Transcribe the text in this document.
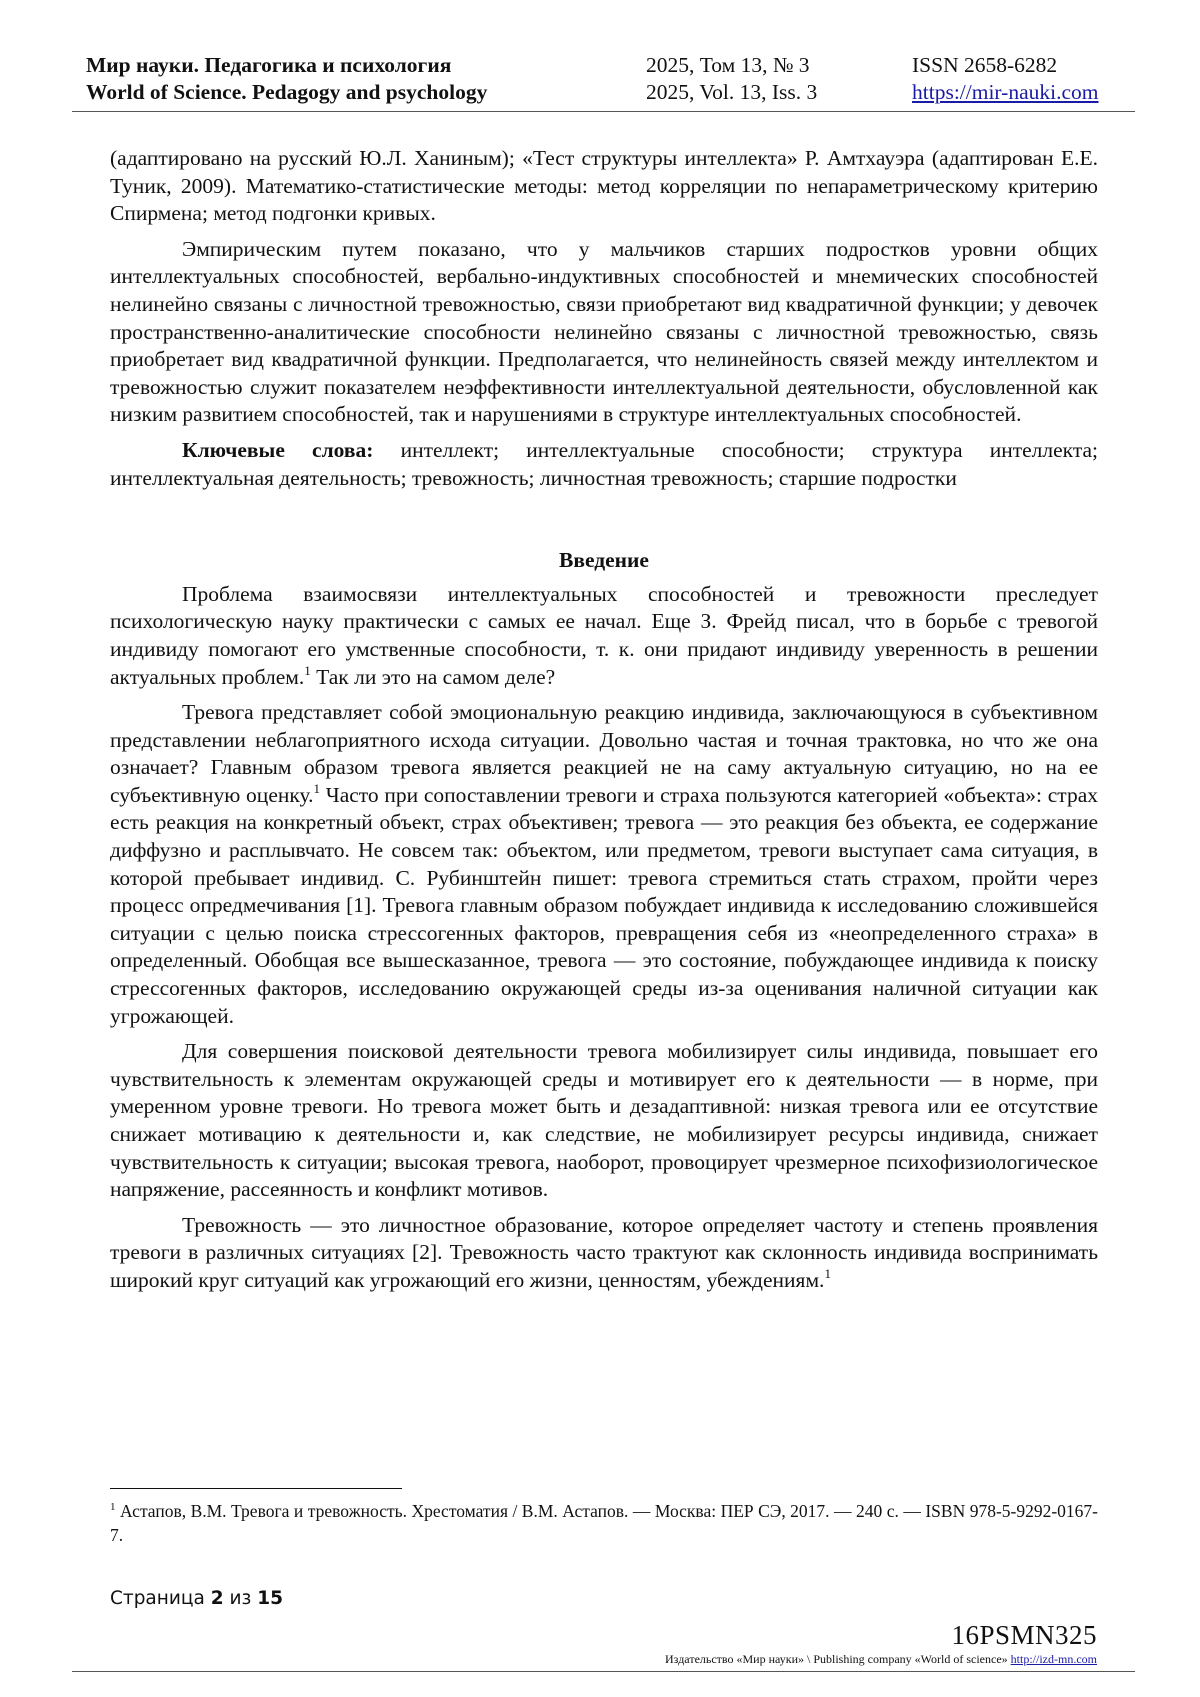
Мир науки. Педагогика и психология
World of Science. Pedagogy and psychology
2025, Том 13, № 3
2025, Vol. 13, Iss. 3
ISSN 2658-6282
https://mir-nauki.com

(адаптировано на русский Ю.Л. Ханиным); «Тест структуры интеллекта» Р. Амтхауэра (адаптирован Е.Е. Туник, 2009). Математико-статистические методы: метод корреляции по непараметрическому критерию Спирмена; метод подгонки кривых.

Эмпирическим путем показано, что у мальчиков старших подростков уровни общих интеллектуальных способностей, вербально-индуктивных способностей и мнемических способностей нелинейно связаны с личностной тревожностью, связи приобретают вид квадратичной функции; у девочек пространственно-аналитические способности нелинейно связаны с личностной тревожностью, связь приобретает вид квадратичной функции. Предполагается, что нелинейность связей между интеллектом и тревожностью служит показателем неэффективности интеллектуальной деятельности, обусловленной как низким развитием способностей, так и нарушениями в структуре интеллектуальных способностей.

Ключевые слова: интеллект; интеллектуальные способности; структура интеллекта; интеллектуальная деятельность; тревожность; личностная тревожность; старшие подростки

Введение

Проблема взаимосвязи интеллектуальных способностей и тревожности преследует психологическую науку практически с самых ее начал. Еще З. Фрейд писал, что в борьбе с тревогой индивиду помогают его умственные способности, т. к. они придают индивиду уверенность в решении актуальных проблем.$^1$ Так ли это на самом деле?

Тревога представляет собой эмоциональную реакцию индивида, заключающуюся в субъективном представлении неблагоприятного исхода ситуации. Довольно частая и точная трактовка, но что же она означает? Главным образом тревога является реакцией не на саму актуальную ситуацию, но на ее субъективную оценку.$^1$ Часто при сопоставлении тревоги и страха пользуются категорией «объекта»: страх есть реакция на конкретный объект, страх объективен; тревога — это реакция без объекта, ее содержание диффузно и расплывчато. Не совсем так: объектом, или предметом, тревоги выступает сама ситуация, в которой пребывает индивид. С. Рубинштейн пишет: тревога стремиться стать страхом, пройти через процесс опредмечивания [1]. Тревога главным образом побуждает индивида к исследованию сложившейся ситуации с целью поиска стрессогенных факторов, превращения себя из «неопределенного страха» в определенный. Обобщая все вышесказанное, тревога — это состояние, побуждающее индивида к поиску стрессогенных факторов, исследованию окружающей среды из-за оценивания наличной ситуации как угрожающей.

Для совершения поисковой деятельности тревога мобилизирует силы индивида, повышает его чувствительность к элементам окружающей среды и мотивирует его к деятельности — в норме, при умеренном уровне тревоги. Но тревога может быть и дезадаптивной: низкая тревога или ее отсутствие снижает мотивацию к деятельности и, как следствие, не мобилизирует ресурсы индивида, снижает чувствительность к ситуации; высокая тревога, наоборот, провоцирует чрезмерное психофизиологическое напряжение, рассеянность и конфликт мотивов.

Тревожность — это личностное образование, которое определяет частоту и степень проявления тревоги в различных ситуациях [2]. Тревожность часто трактуют как склонность индивида воспринимать широкий круг ситуаций как угрожающий его жизни, ценностям, убеждениям.$^1$

$^1$ Астапов, В.М. Тревога и тревожность. Хрестоматия / В.М. Астапов. — Москва: ПЕР СЭ, 2017. — 240 с. — ISBN 978-5-9292-0167-7.
Страница 2 из 15
16PSMN325
Издательство «Мир науки» \ Publishing company «World of science» http://izd-mn.com
